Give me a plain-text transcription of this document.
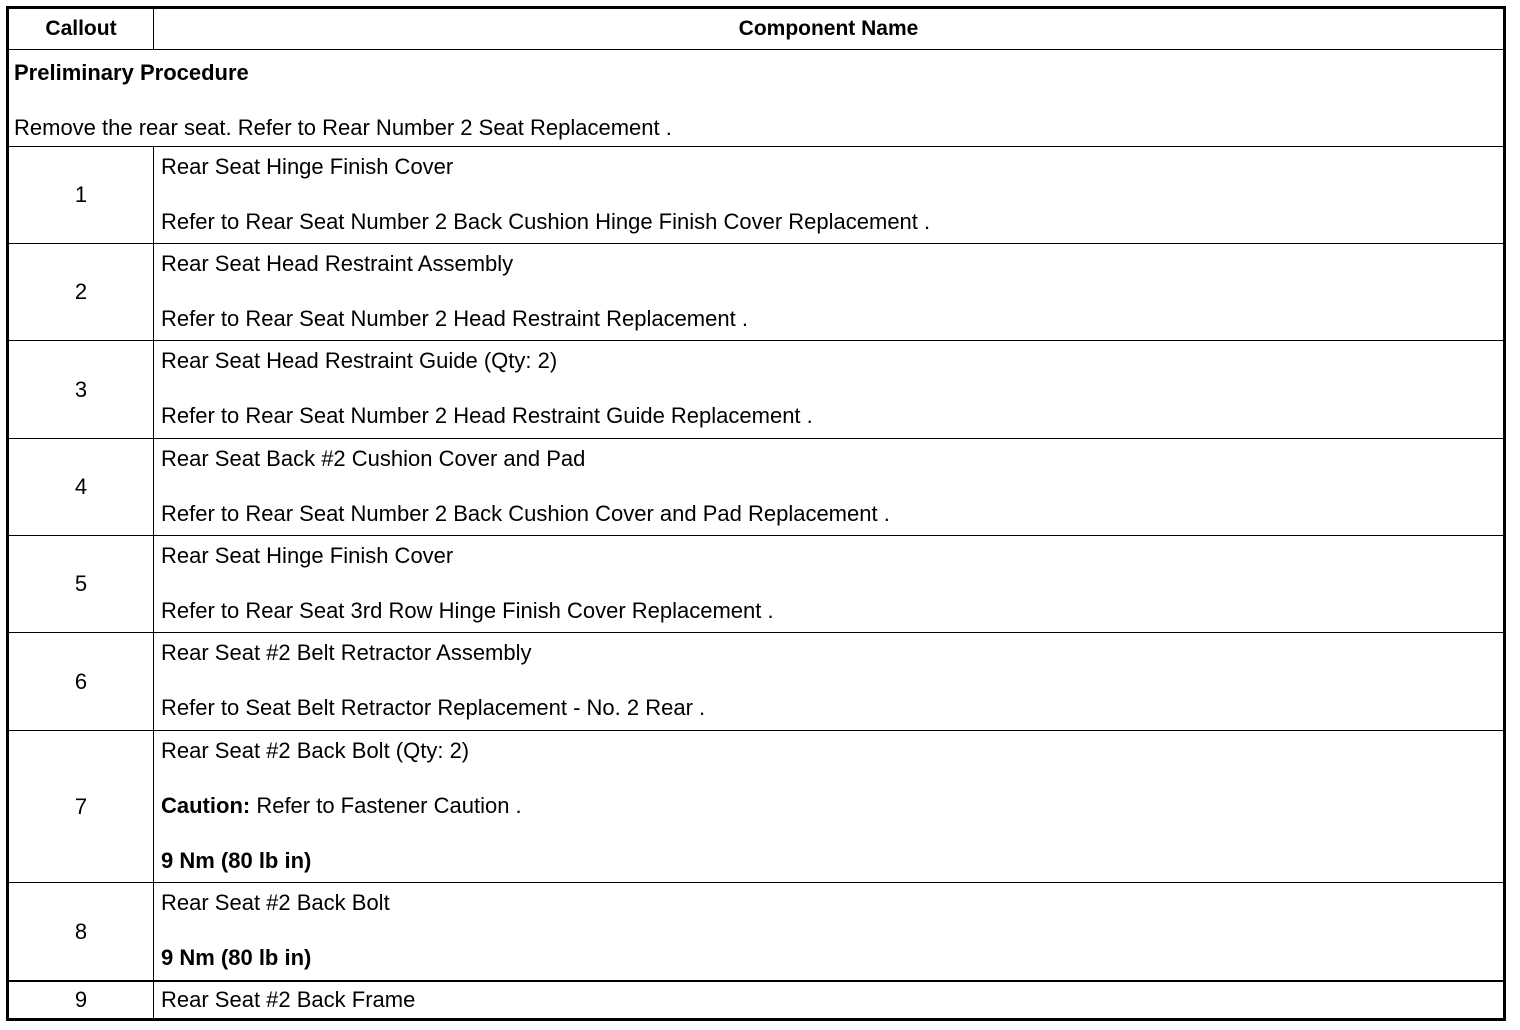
Callout	Component Name
Preliminary Procedure
Remove the rear seat. Refer to Rear Number 2 Seat Replacement .
1
Rear Seat Hinge Finish Cover
Refer to Rear Seat Number 2 Back Cushion Hinge Finish Cover Replacement .
2
Rear Seat Head Restraint Assembly
Refer to Rear Seat Number 2 Head Restraint Replacement .
3
Rear Seat Head Restraint Guide (Qty: 2)
Refer to Rear Seat Number 2 Head Restraint Guide Replacement .
4
Rear Seat Back #2 Cushion Cover and Pad
Refer to Rear Seat Number 2 Back Cushion Cover and Pad Replacement .
5
Rear Seat Hinge Finish Cover
Refer to Rear Seat 3rd Row Hinge Finish Cover Replacement .
6
Rear Seat #2 Belt Retractor Assembly
Refer to Seat Belt Retractor Replacement - No. 2 Rear .
7
Rear Seat #2 Back Bolt (Qty: 2)
Caution: Refer to Fastener Caution .
9 Nm (80 lb in)
8
Rear Seat #2 Back Bolt
9 Nm (80 lb in)
9	Rear Seat #2 Back Frame
